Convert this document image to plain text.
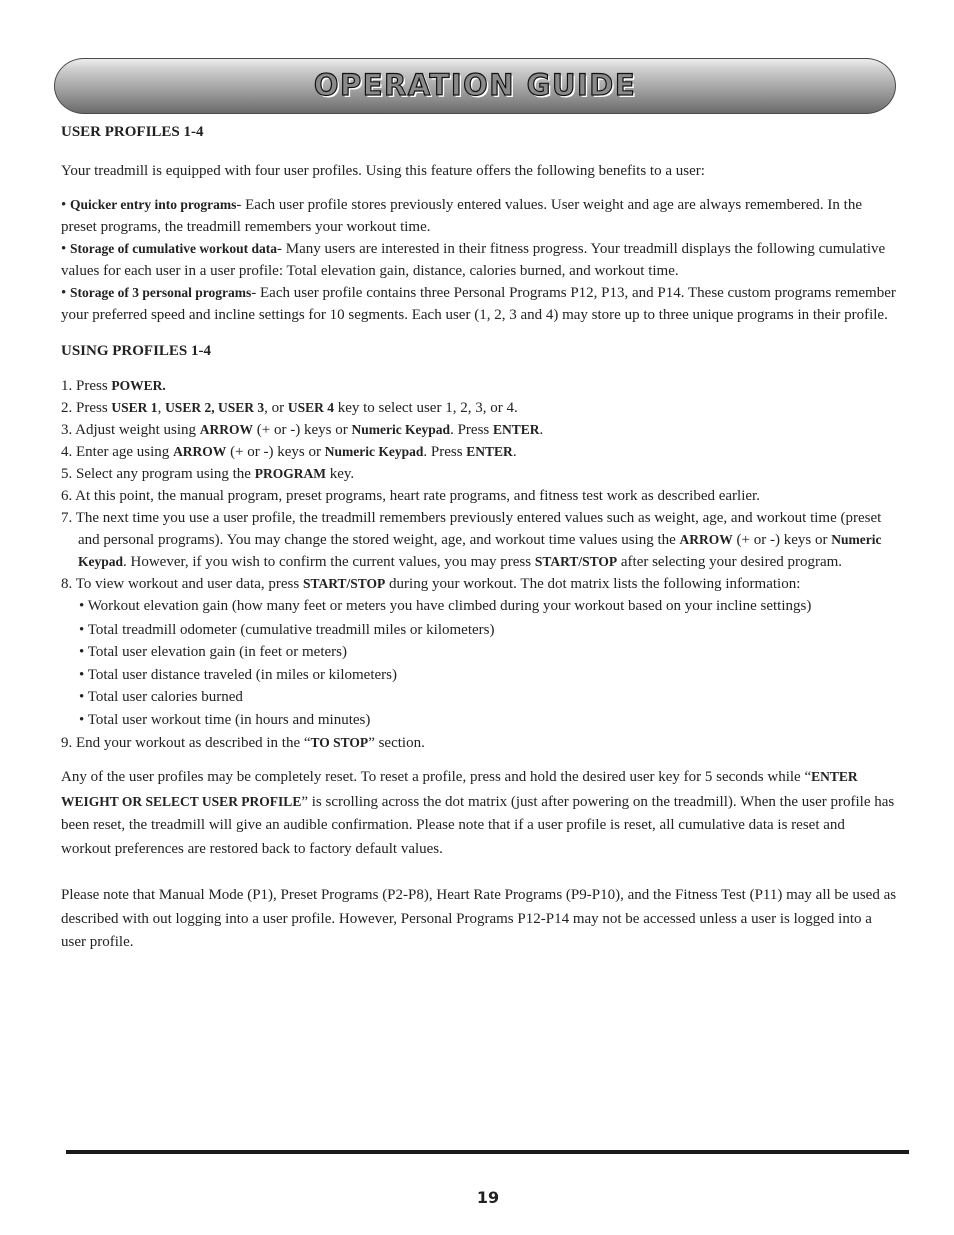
OPERATION GUIDE
USER PROFILES 1-4

Your treadmill is equipped with four user profiles. Using this feature offers the following benefits to a user:

• Quicker entry into programs- Each user profile stores previously entered values. User weight and age are always remembered. In the preset programs, the treadmill remembers your workout time.

• Storage of cumulative workout data- Many users are interested in their fitness progress. Your treadmill displays the following cumulative values for each user in a user profile: Total elevation gain, distance, calories burned, and workout time.

• Storage of 3 personal programs- Each user profile contains three Personal Programs P12, P13, and P14. These custom programs remember your preferred speed and incline settings for 10 segments. Each user (1, 2, 3 and 4) may store up to three unique programs in their profile.

USING PROFILES 1-4
1. Press POWER.
2. Press USER 1, USER 2, USER 3, or USER 4 key to select user 1, 2, 3, or 4.
3. Adjust weight using ARROW (+ or -) keys or Numeric Keypad. Press ENTER.
4. Enter age using ARROW (+ or -) keys or Numeric Keypad. Press ENTER.
5. Select any program using the PROGRAM key.
6. At this point, the manual program, preset programs, heart rate programs, and fitness test work as described earlier.
7. The next time you use a user profile, the treadmill remembers previously entered values such as weight, age, and workout time (preset and personal programs). You may change the stored weight, age, and workout time values using the ARROW (+ or -) keys or Numeric Keypad. However, if you wish to confirm the current values, you may press START/STOP after selecting your desired program.
8. To view workout and user data, press START/STOP during your workout. The dot matrix lists the following information:
• Workout elevation gain (how many feet or meters you have climbed during your workout based on your incline settings)
• Total treadmill odometer (cumulative treadmill miles or kilometers)
• Total user elevation gain (in feet or meters)
• Total user distance traveled (in miles or kilometers)
• Total user calories burned
• Total user workout time (in hours and minutes)
9. End your workout as described in the “TO STOP” section.

Any of the user profiles may be completely reset. To reset a profile, press and hold the desired user key for 5 seconds while “ENTER WEIGHT OR SELECT USER PROFILE” is scrolling across the dot matrix (just after powering on the treadmill). When the user profile has been reset, the treadmill will give an audible confirmation. Please note that if a user profile is reset, all cumulative data is reset and workout preferences are restored back to factory default values.

Please note that Manual Mode (P1), Preset Programs (P2-P8), Heart Rate Programs (P9-P10), and the Fitness Test (P11) may all be used as described with out logging into a user profile. However, Personal Programs P12-P14 may not be accessed unless a user is logged into a user profile.

19
